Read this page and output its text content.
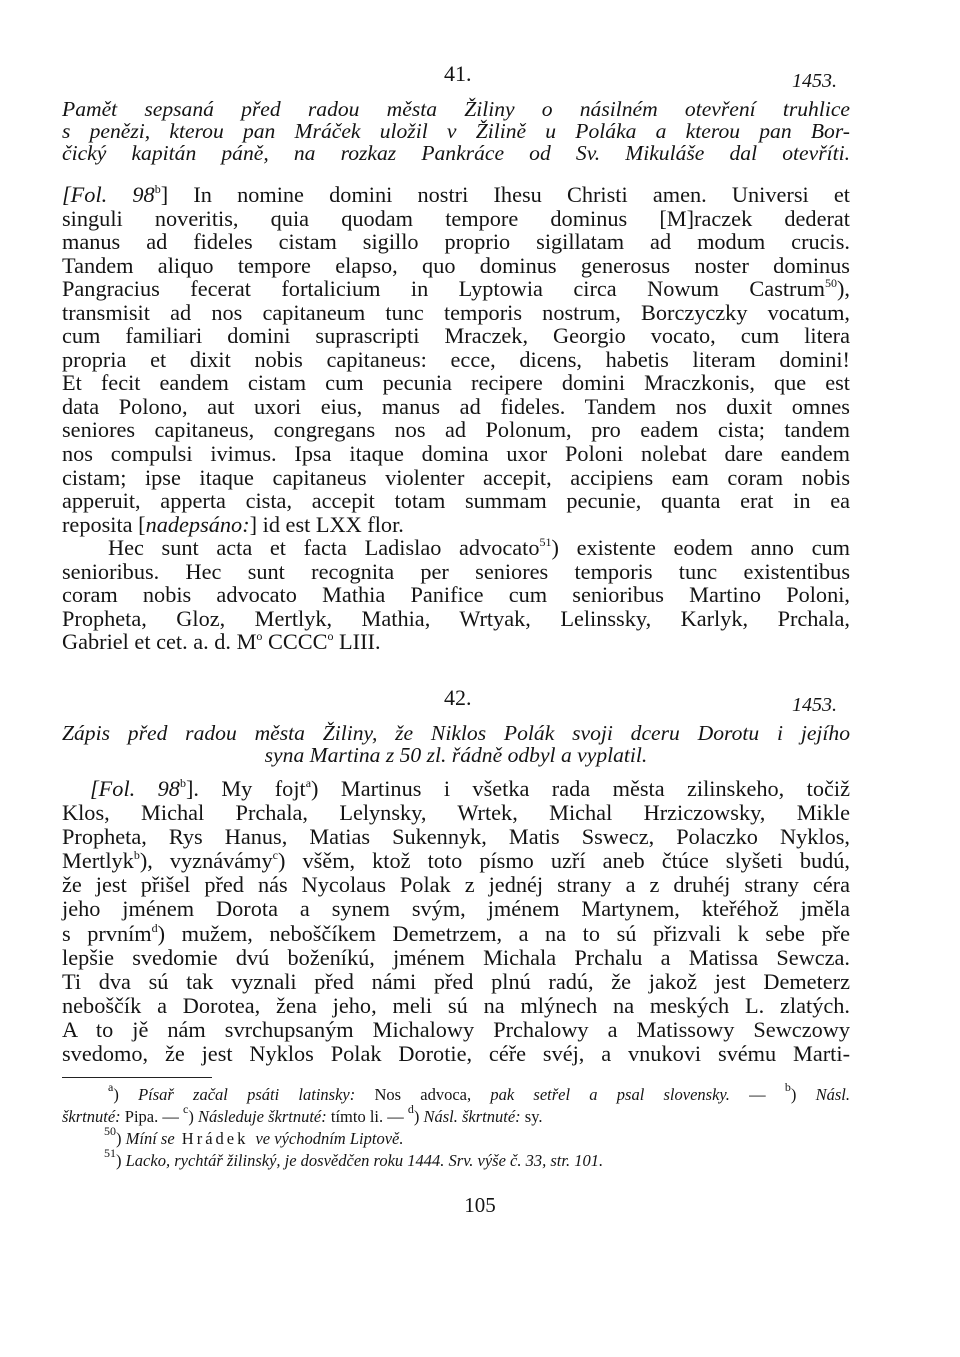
41.	1453.
Pamět sepsaná před radou města Žiliny o násilném otevření truhlice
s penězi, kterou pan Mráček uložil v Žilině u Poláka a kterou pan Bor-
čický kapitán páně, na rozkaz Pankráce od Sv. Mikuláše dal otevříti.
[Fol. 98$^b$] In nomine domini nostri Ihesu Christi amen. Universi et
singuli noveritis, quia quodam tempore dominus [M]raczek dederat
manus ad fideles cistam sigillo proprio sigillatam ad modum crucis.
Tandem aliquo tempore elapso, quo dominus generosus noster dominus
Pangracius fecerat fortalicium in Lyptowia circa Nowum Castrum$^{50}$),
transmisit ad nos capitaneum tunc temporis nostrum, Borczyczky vocatum,
cum familiari domini suprascripti Mraczek, Georgio vocato, cum litera
propria et dixit nobis capitaneus: ecce, dicens, habetis literam domini!
Et fecit eandem cistam cum pecunia recipere domini Mraczkonis, que est
data Polono, aut uxori eius, manus ad fideles. Tandem nos duxit omnes
seniores capitaneus, congregans nos ad Polonum, pro eadem cista; tandem
nos compulsi ivimus. Ipsa itaque domina uxor Poloni nolebat dare eandem
cistam; ipse itaque capitaneus violenter accepit, accipiens eam coram nobis
apperuit, apperta cista, accepit totam summam pecunie, quanta erat in ea
reposita [nadepsáno:] id est LXX flor.
Hec sunt acta et facta Ladislao advocato$^{51}$) existente eodem anno cum
senioribus. Hec sunt recognita per seniores temporis tunc existentibus
coram nobis advocato Mathia Panifice cum senioribus Martino Poloni,
Propheta, Gloz, Mertlyk, Mathia, Wrtyak, Lelinssky, Karlyk, Prchala,
Gabriel et cet. a. d. $M^o$ CCCC$^o$ LIII.
42.	1453.
Zápis před radou města Žiliny, že Niklos Polák svoji dceru Dorotu i jejího
syna Martina z 50 zl. řádně odbyl a vyplatil.
[Fol. 98$^b$]. My fojt$^a$) Martinus i všetka rada města zilinskeho, točiž
Klos, Michal Prchala, Lelynsky, Wrtek, Michal Hrziczowsky, Mikle
Propheta, Rys Hanus, Matias Sukennyk, Matis Sswecz, Polaczko Nyklos,
Mertlyk$^b$), vyznávámy$^c$) všěm, ktož toto písmo uzří aneb čtúce slyšeti budú,
že jest přišel před nás Nycolaus Polak z jednéj strany a z druhéj strany céra
jeho jménem Dorota a synem svým, jménem Martynem, kteřéhož jměla
s prvním$^d$) mužem, neboščíkem Demetrzem, a na to sú přizvali k sebe pře
lepšie svedomie dvú boženíkú, jménem Michala Prchalu a Matissa Sewcza.
Ti dva sú tak vyznali před námi před plnú radú, že jakož jest Demeterz
neboščík a Dorotea, žena jeho, meli sú na mlýnech na meských L. zlatých.
A to jě nám svrchupsaným Michalowy Prchalowy a Matissowy Sewczowy
svedomo, že jest Nyklos Polak Dorotie, céře svéj, a vnukovi svému Marti-
$^a$) Písař začal psáti latinsky: Nos advoca, pak setřel a psal slovensky. — $^b$) Násl.
škrtnuté: Pipa. — $^c$) Následuje škrtnuté: tímto li. — $^d$) Násl. škrtnuté: sy.
$^{50}$) Míní se Hrádek ve východním Liptově.
$^{51}$) Lacko, rychtář žilinský, je dosvědčen roku 1444. Srv. výše č. 33, str. 101.
105
